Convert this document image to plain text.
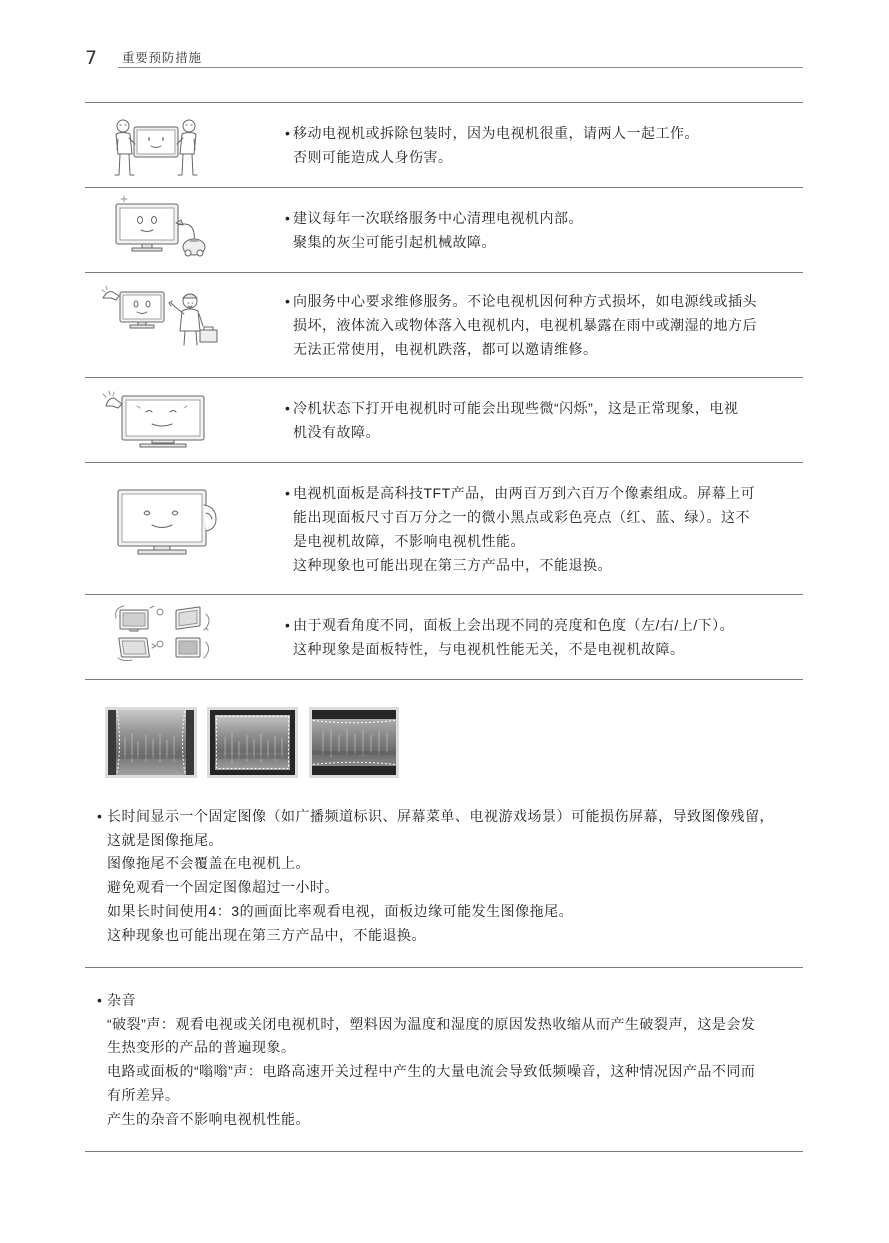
7 重要预防措施
• 移动电视机或拆除包装时，因为电视机很重，请两人一起工作。
否则可能造成人身伤害。
• 建议每年一次联络服务中心清理电视机内部。
聚集的灰尘可能引起机械故障。
• 向服务中心要求维修服务。不论电视机因何种方式损坏，如电源线或插头
损坏，液体流入或物体落入电视机内，电视机暴露在雨中或潮湿的地方后
无法正常使用，电视机跌落，都可以邀请维修。
• 冷机状态下打开电视机时可能会出现些微“闪烁”，这是正常现象，电视
机没有故障。
• 电视机面板是高科技TFT产品，由两百万到六百万个像素组成。屏幕上可
能出现面板尺寸百万分之一的微小黑点或彩色亮点（红、蓝、绿）。这不
是电视机故障，不影响电视机性能。
这种现象也可能出现在第三方产品中，不能退换。
• 由于观看角度不同，面板上会出现不同的亮度和色度（左/右/上/下）。
这种现象是面板特性，与电视机性能无关，不是电视机故障。
• 长时间显示一个固定图像（如广播频道标识、屏幕菜单、电视游戏场景）可能损伤屏幕，导致图像残留，
这就是图像拖尾。
图像拖尾不会覆盖在电视机上。
避免观看一个固定图像超过一小时。
如果长时间使用4：3的画面比率观看电视，面板边缘可能发生图像拖尾。
这种现象也可能出现在第三方产品中，不能退换。
• 杂音
“破裂”声：观看电视或关闭电视机时，塑料因为温度和湿度的原因发热收缩从而产生破裂声，这是会发
生热变形的产品的普遍现象。
电路或面板的“嗡嗡”声：电路高速开关过程中产生的大量电流会导致低频噪音，这种情况因产品不同而
有所差异。
产生的杂音不影响电视机性能。
